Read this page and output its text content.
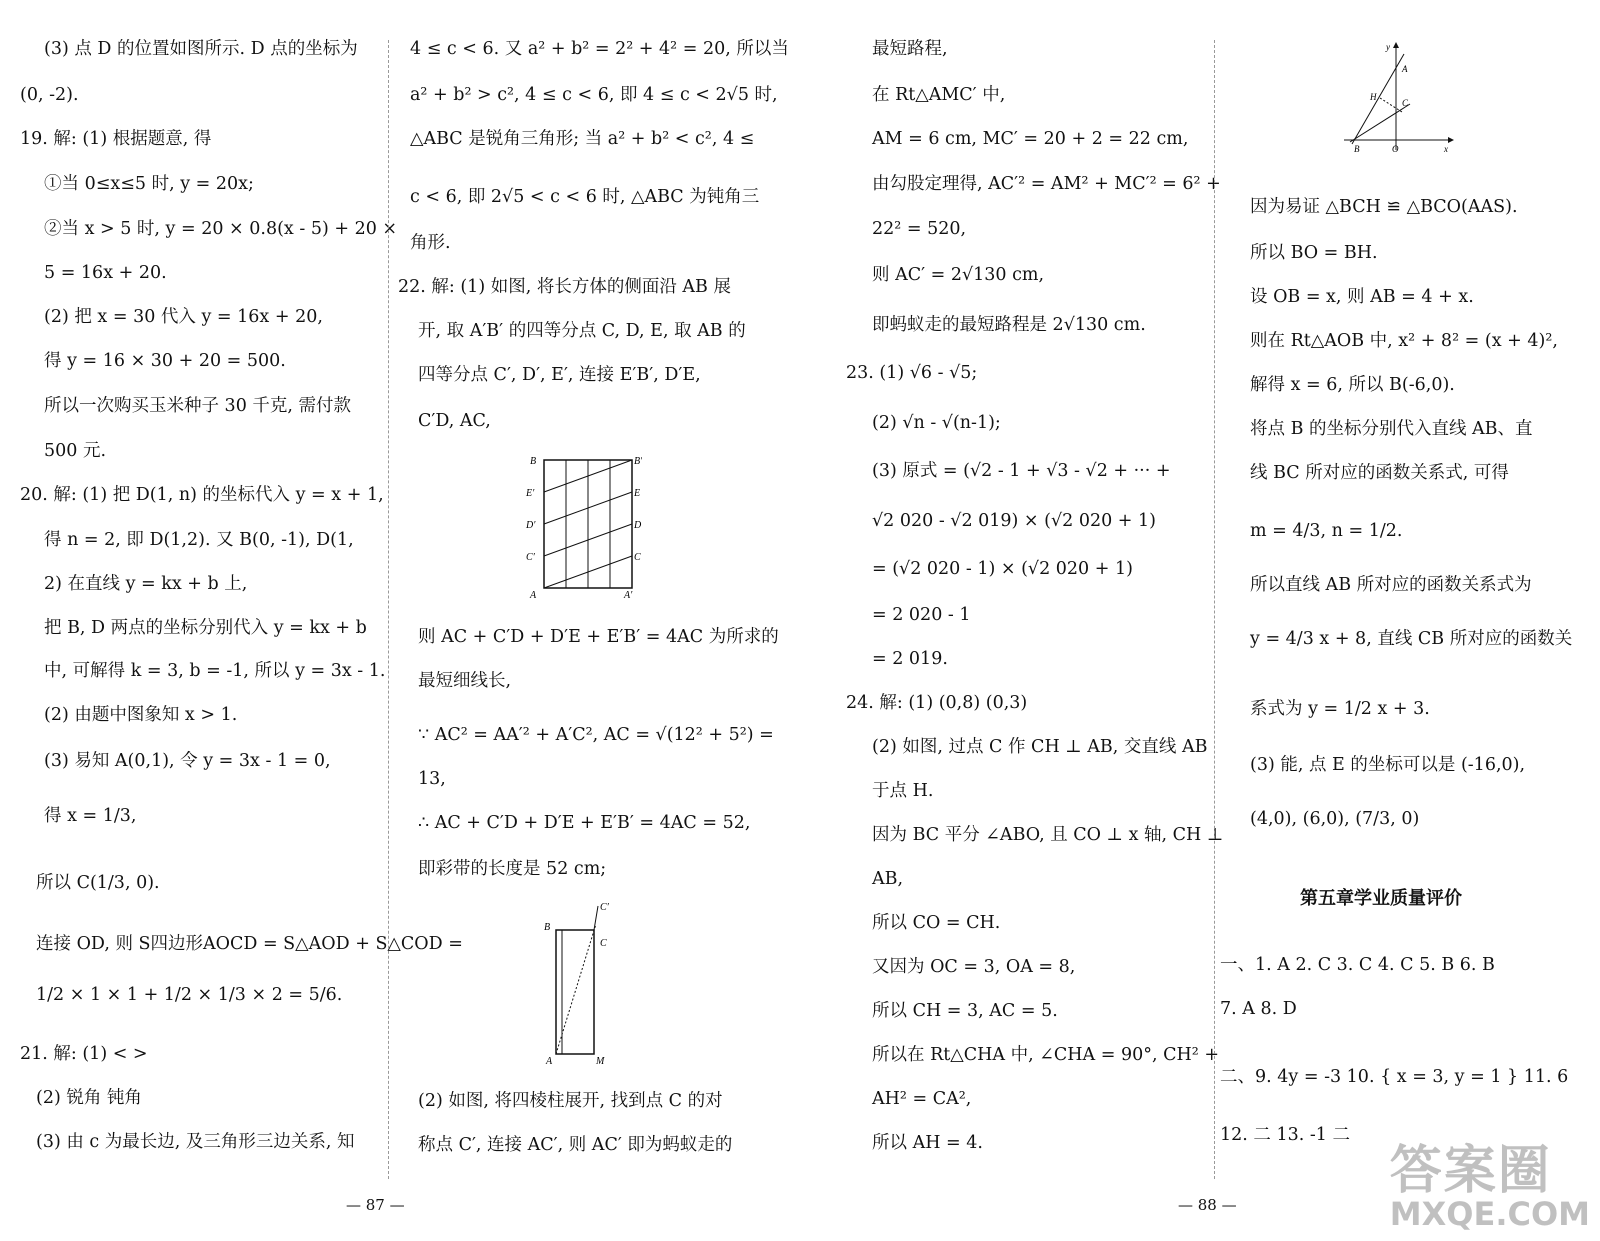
(3) 点 D 的位置如图所示. D 点的坐标为
(0, -2).
19. 解: (1) 根据题意, 得
①当 0≤x≤5 时, y = 20x;
②当 x > 5 时, y = 20 × 0.8(x - 5) + 20 ×
5 = 16x + 20.
(2) 把 x = 30 代入 y = 16x + 20,
得 y = 16 × 30 + 20 = 500.
所以一次购买玉米种子 30 千克, 需付款
500 元.
20. 解: (1) 把 D(1, n) 的坐标代入 y = x + 1,
得 n = 2, 即 D(1,2). 又 B(0, -1), D(1,
2) 在直线 y = kx + b 上,
把 B, D 两点的坐标分别代入 y = kx + b
中, 可解得 k = 3, b = -1, 所以 y = 3x - 1.
(2) 由题中图象知 x > 1.
(3) 易知 A(0,1), 令 y = 3x - 1 = 0,
得 x = 1/3,
所以 C(1/3, 0).
连接 OD, 则 S四边形AOCD = S△AOD + S△COD =
1/2 × 1 × 1 + 1/2 × 1/3 × 2 = 5/6.
21. 解: (1) < >
(2) 锐角 钝角
(3) 由 c 为最长边, 及三角形三边关系, 知
4 ≤ c < 6. 又 a² + b² = 2² + 4² = 20, 所以当
a² + b² > c², 4 ≤ c < 6, 即 4 ≤ c < 2√5 时,
△ABC 是锐角三角形; 当 a² + b² < c², 4 ≤
c < 6, 即 2√5 < c < 6 时, △ABC 为钝角三
角形.
22. 解: (1) 如图, 将长方体的侧面沿 AB 展
开, 取 A′B′ 的四等分点 C, D, E, 取 AB 的
四等分点 C′, D′, E′, 连接 E′B′, D′E,
C′D, AC,
则 AC + C′D + D′E + E′B′ = 4AC 为所求的
最短细线长,
∵ AC² = AA′² + A′C², AC = √(12² + 5²) =
13,
∴ AC + C′D + D′E + E′B′ = 4AC = 52,
即彩带的长度是 52 cm;
(2) 如图, 将四棱柱展开, 找到点 C 的对
称点 C′, 连接 AC′, 则 AC′ 即为蚂蚁走的
最短路程,
在 Rt△AMC′ 中,
AM = 6 cm, MC′ = 20 + 2 = 22 cm,
由勾股定理得, AC′² = AM² + MC′² = 6² +
22² = 520,
则 AC′ = 2√130 cm,
即蚂蚁走的最短路程是 2√130 cm.
23. (1) √6 - √5;
(2) √n - √(n-1);
(3) 原式 = (√2 - 1 + √3 - √2 + ··· +
√2 020 - √2 019) × (√2 020 + 1)
= (√2 020 - 1) × (√2 020 + 1)
= 2 020 - 1
= 2 019.
24. 解: (1) (0,8) (0,3)
(2) 如图, 过点 C 作 CH ⊥ AB, 交直线 AB
于点 H.
因为 BC 平分 ∠ABO, 且 CO ⊥ x 轴, CH ⊥
AB,
所以 CO = CH.
又因为 OC = 3, OA = 8,
所以 CH = 3, AC = 5.
所以在 Rt△CHA 中, ∠CHA = 90°, CH² +
AH² = CA²,
所以 AH = 4.
因为易证 △BCH ≌ △BCO(AAS).
所以 BO = BH.
设 OB = x, 则 AB = 4 + x.
则在 Rt△AOB 中, x² + 8² = (x + 4)²,
解得 x = 6, 所以 B(-6,0).
将点 B 的坐标分别代入直线 AB、直
线 BC 所对应的函数关系式, 可得
m = 4/3, n = 1/2.
所以直线 AB 所对应的函数关系式为
y = 4/3 x + 8, 直线 CB 所对应的函数关
系式为 y = 1/2 x + 3.
(3) 能, 点 E 的坐标可以是 (-16,0),
(4,0), (6,0), (7/3, 0)
第五章学业质量评价
一、1. A 2. C 3. C 4. C 5. B 6. B
7. A 8. D
二、9. 4y = -3 10. { x = 3, y = 1 } 11. 6
12. 二 13. -1 二
B	B′
E′	E
D′	D
C′	C
A	A′
C′
B
C
A	M
y
A
H
C
B	O	x
— 87 —	— 88 —
答案圈
MXQE.COM
